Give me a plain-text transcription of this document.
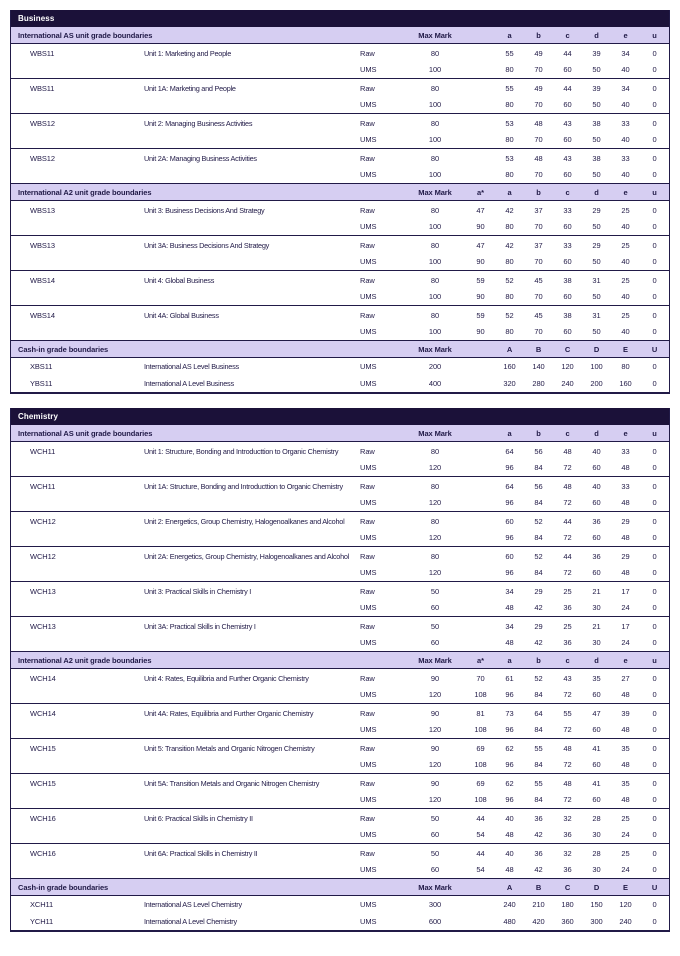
Business
International AS unit grade boundaries	Max Mark	a	b	c	d	e	u
WBS11	Unit 1: Marketing and People	Raw	80	55	49	44	39	34	0
UMS	100	80	70	60	50	40	0
WBS11	Unit 1A: Marketing and People	Raw	80	55	49	44	39	34	0
UMS	100	80	70	60	50	40	0
WBS12	Unit 2: Managing Business Activities	Raw	80	53	48	43	38	33	0
UMS	100	80	70	60	50	40	0
WBS12	Unit 2A: Managing Business Activities	Raw	80	53	48	43	38	33	0
UMS	100	80	70	60	50	40	0
International A2 unit grade boundaries	Max Mark	a*	a	b	c	d	e	u
WBS13	Unit 3: Business Decisions And Strategy	Raw	80	47	42	37	33	29	25	0
UMS	100	90	80	70	60	50	40	0
WBS13	Unit 3A: Business Decisions And Strategy	Raw	80	47	42	37	33	29	25	0
UMS	100	90	80	70	60	50	40	0
WBS14	Unit 4: Global Business	Raw	80	59	52	45	38	31	25	0
UMS	100	90	80	70	60	50	40	0
WBS14	Unit 4A: Global Business	Raw	80	59	52	45	38	31	25	0
UMS	100	90	80	70	60	50	40	0
Cash-in grade boundaries	Max Mark	A	B	C	D	E	U
XBS11	International AS Level Business	UMS	200	160	140	120	100	80	0
YBS11	International A Level Business	UMS	400	320	280	240	200	160	0
Chemistry
International AS unit grade boundaries	Max Mark	a	b	c	d	e	u
WCH11	Unit 1: Structure, Bonding and Introducttion to Organic Chemistry	Raw	80	64	56	48	40	33	0
UMS	120	96	84	72	60	48	0
WCH11	Unit 1A: Structure, Bonding and Introducttion to Organic Chemistry	Raw	80	64	56	48	40	33	0
UMS	120	96	84	72	60	48	0
WCH12	Unit 2: Energetics, Group Chemistry, Halogenoalkanes and Alcohol	Raw	80	60	52	44	36	29	0
UMS	120	96	84	72	60	48	0
WCH12	Unit 2A: Energetics, Group Chemistry, Halogenoalkanes and Alcohol	Raw	80	60	52	44	36	29	0
UMS	120	96	84	72	60	48	0
WCH13	Unit 3: Practical Skills in Chemistry I	Raw	50	34	29	25	21	17	0
UMS	60	48	42	36	30	24	0
WCH13	Unit 3A: Practical Skills in Chemistry I	Raw	50	34	29	25	21	17	0
UMS	60	48	42	36	30	24	0
International A2 unit grade boundaries	Max Mark	a*	a	b	c	d	e	u
WCH14	Unit 4: Rates, Equilibria and Further Organic Chemistry	Raw	90	70	61	52	43	35	27	0
UMS	120	108	96	84	72	60	48	0
WCH14	Unit 4A: Rates, Equilibria and Further Organic Chemistry	Raw	90	81	73	64	55	47	39	0
UMS	120	108	96	84	72	60	48	0
WCH15	Unit 5: Transition Metals and Organic Nitrogen Chemistry	Raw	90	69	62	55	48	41	35	0
UMS	120	108	96	84	72	60	48	0
WCH15	Unit 5A: Transition Metals and Organic Nitrogen Chemistry	Raw	90	69	62	55	48	41	35	0
UMS	120	108	96	84	72	60	48	0
WCH16	Unit 6: Practical Skills in Chemistry II	Raw	50	44	40	36	32	28	25	0
UMS	60	54	48	42	36	30	24	0
WCH16	Unit 6A: Practical Skills in Chemistry II	Raw	50	44	40	36	32	28	25	0
UMS	60	54	48	42	36	30	24	0
Cash-in grade boundaries	Max Mark	A	B	C	D	E	U
XCH11	International AS Level Chemistry	UMS	300	240	210	180	150	120	0
YCH11	International A Level Chemistry	UMS	600	480	420	360	300	240	0
